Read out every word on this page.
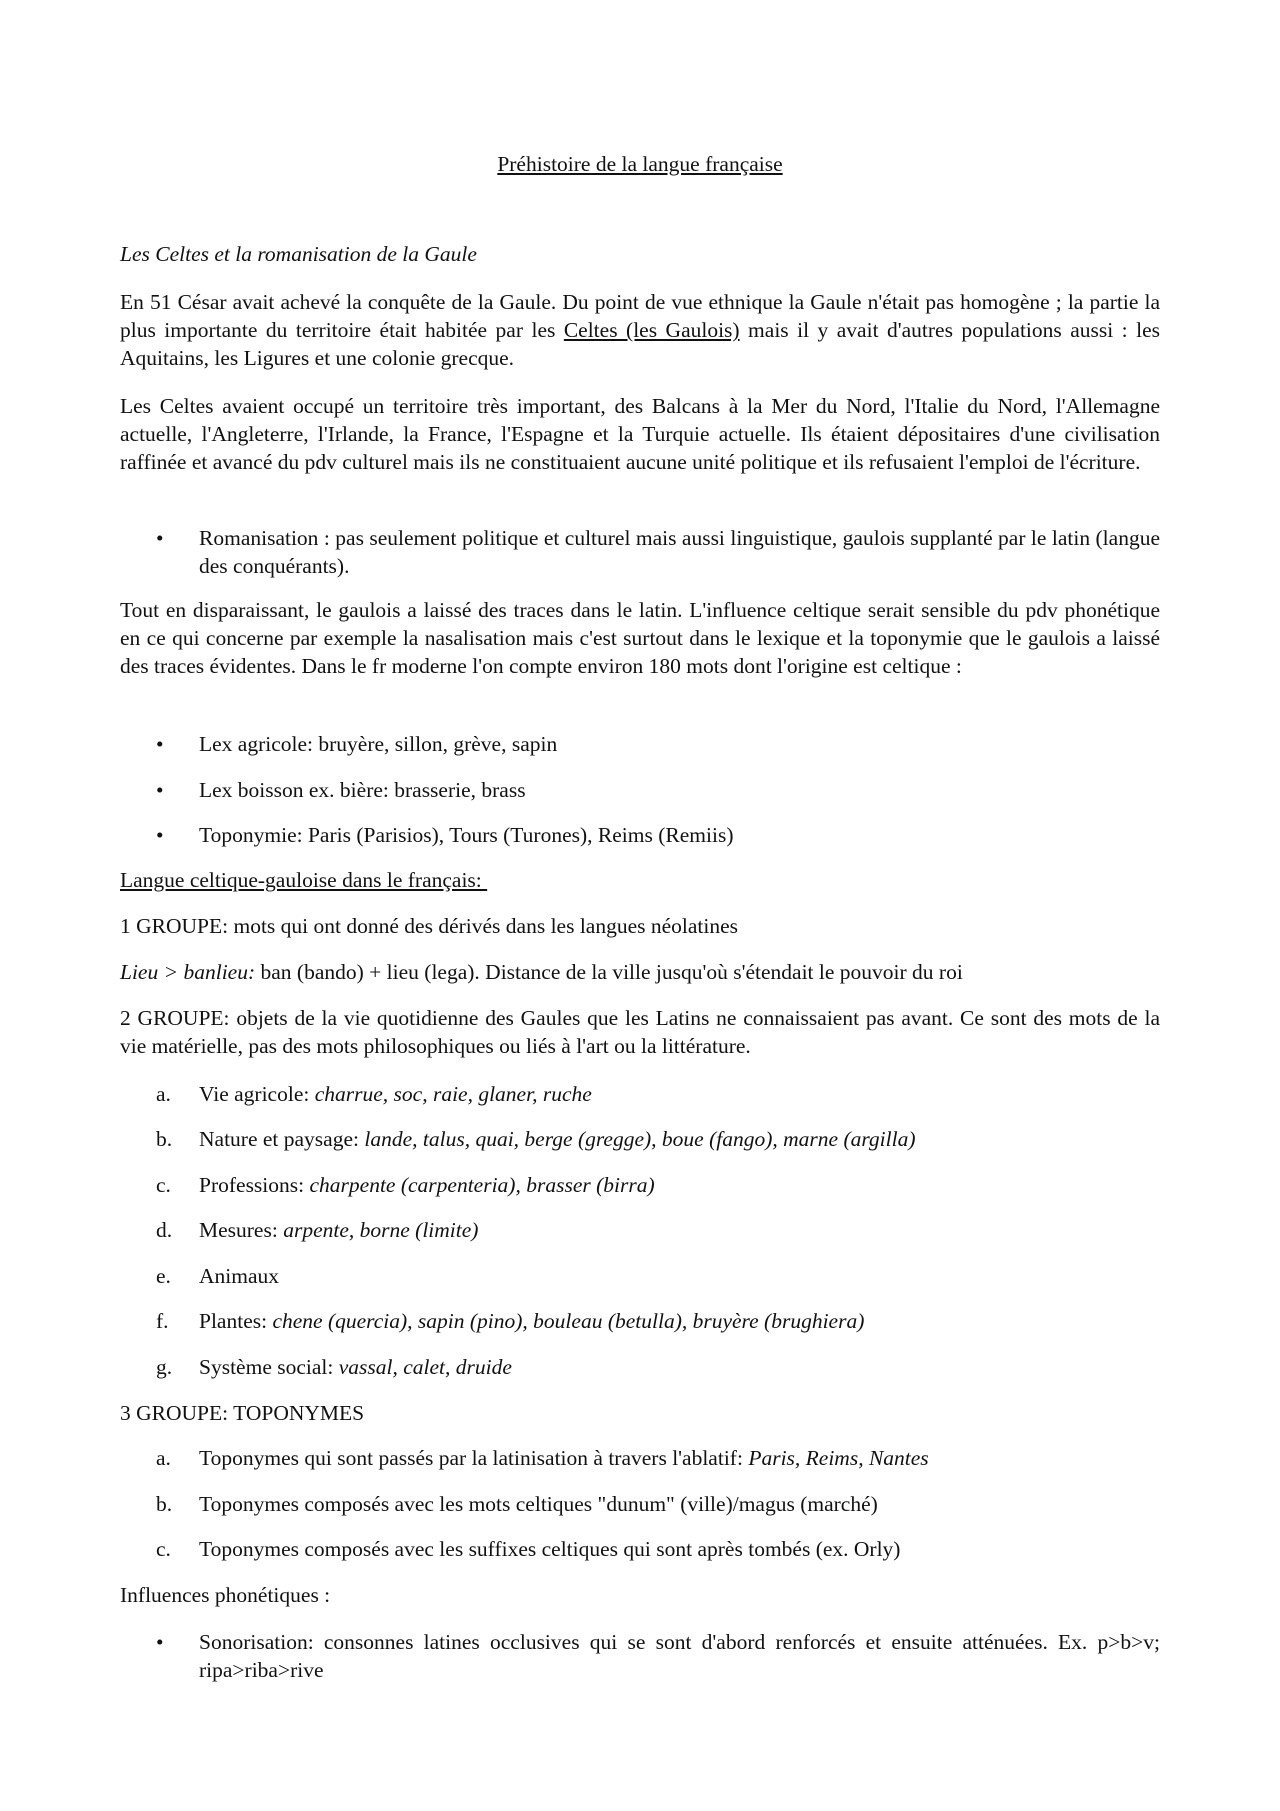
Préhistoire de la langue française

Les Celtes et la romanisation de la Gaule

En 51 César avait achevé la conquête de la Gaule. Du point de vue ethnique la Gaule n'était pas homogène ; la partie la plus importante du territoire était habitée par les Celtes (les Gaulois) mais il y avait d'autres populations aussi : les Aquitains, les Ligures et une colonie grecque.

Les Celtes avaient occupé un territoire très important, des Balcans à la Mer du Nord, l'Italie du Nord, l'Allemagne actuelle, l'Angleterre, l'Irlande, la France, l'Espagne et la Turquie actuelle. Ils étaient dépositaires d'une civilisation raffinée et avancé du pdv culturel mais ils ne constituaient aucune unité politique et ils refusaient l'emploi de l'écriture.

•	Romanisation : pas seulement politique et culturel mais aussi linguistique, gaulois supplanté par le latin (langue des conquérants).

Tout en disparaissant, le gaulois a laissé des traces dans le latin. L'influence celtique serait sensible du pdv phonétique en ce qui concerne par exemple la nasalisation mais c'est surtout dans le lexique et la toponymie que le gaulois a laissé des traces évidentes. Dans le fr moderne l'on compte environ 180 mots dont l'origine est celtique :

•	Lex agricole: bruyère, sillon, grève, sapin
•	Lex boisson ex. bière: brasserie, brass
•	Toponymie: Paris (Parisios), Tours (Turones), Reims (Remiis)

Langue celtique-gauloise dans le français:

1 GROUPE: mots qui ont donné des dérivés dans les langues néolatines

Lieu > banlieu: ban (bando) + lieu (lega). Distance de la ville jusqu'où s'étendait le pouvoir du roi

2 GROUPE: objets de la vie quotidienne des Gaules que les Latins ne connaissaient pas avant. Ce sont des mots de la vie matérielle, pas des mots philosophiques ou liés à l'art ou la littérature.

a.	Vie agricole: charrue, soc, raie, glaner, ruche
b.	Nature et paysage: lande, talus, quai, berge (gregge), boue (fango), marne (argilla)
c.	Professions: charpente (carpenteria), brasser (birra)
d.	Mesures: arpente, borne (limite)
e.	Animaux
f.	Plantes: chene (quercia), sapin (pino), bouleau (betulla), bruyère (brughiera)
g.	Système social: vassal, calet, druide

3 GROUPE: TOPONYMES

a.	Toponymes qui sont passés par la latinisation à travers l'ablatif: Paris, Reims, Nantes
b.	Toponymes composés avec les mots celtiques "dunum" (ville)/magus (marché)
c.	Toponymes composés avec les suffixes celtiques qui sont après tombés (ex. Orly)

Influences phonétiques :

•	Sonorisation: consonnes latines occlusives qui se sont d'abord renforcés et ensuite atténuées. Ex. p>b>v; ripa>riba>rive
